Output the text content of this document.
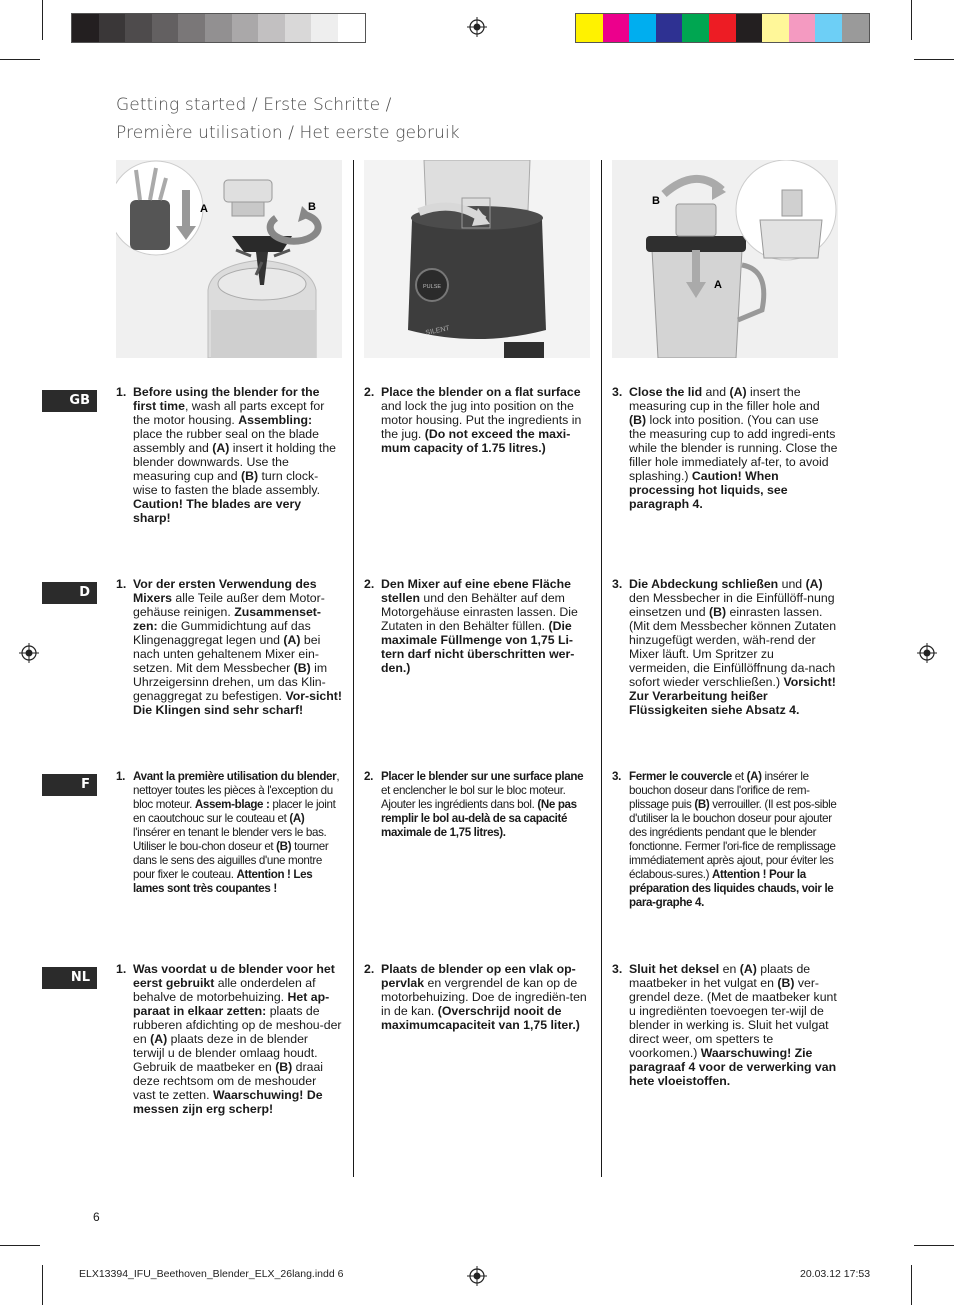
Getting started / Erste Schritte /
Première utilisation / Het eerste gebruik
A	B
PULSE
SILENT
B
A
GB
D
F
NL
1. Before using the blender for the first time, wash all parts except for the motor housing. Assembling: place the rubber seal on the blade assembly and (A) insert it holding the blender downwards. Use the measuring cup and (B) turn clock-wise to fasten the blade assembly. Caution! The blades are very sharp!
2. Place the blender on a flat surface and lock the jug into position on the motor housing. Put the ingredients in the jug. (Do not exceed the maxi-mum capacity of 1.75 litres.)
3. Close the lid and (A) insert the measuring cup in the filler hole and (B) lock into position. (You can use the measuring cup to add ingredi-ents while the blender is running. Close the filler hole immediately af-ter, to avoid splashing.) Caution! When processing hot liquids, see paragraph 4.
1. Vor der ersten Verwendung des Mixers alle Teile außer dem Motor-gehäuse reinigen. Zusammenset-zen: die Gummidichtung auf das Klingenaggregat legen und (A) bei nach unten gehaltenem Mixer ein-setzen. Mit dem Messbecher (B) im Uhrzeigersinn drehen, um das Klin-genaggregat zu befestigen. Vor-sicht! Die Klingen sind sehr scharf!
2. Den Mixer auf eine ebene Fläche stellen und den Behälter auf dem Motorgehäuse einrasten lassen. Die Zutaten in den Behälter füllen. (Die maximale Füllmenge von 1,75 Li-tern darf nicht überschritten wer-den.)
3. Die Abdeckung schließen und (A) den Messbecher in die Einfüllöff-nung einsetzen und (B) einrasten lassen. (Mit dem Messbecher können Zutaten hinzugefügt werden, wäh-rend der Mixer läuft. Um Spritzer zu vermeiden, die Einfüllöffnung da-nach sofort wieder verschließen.) Vorsicht! Zur Verarbeitung heißer Flüssigkeiten siehe Absatz 4.
1. Avant la première utilisation du blender, nettoyer toutes les pièces à l'exception du bloc moteur. Assem-blage : placer le joint en caoutchouc sur le couteau et (A) l'insérer en tenant le blender vers le bas. Utiliser le bou-chon doseur et (B) tourner dans le sens des aiguilles d'une montre pour fixer le couteau. Attention ! Les lames sont très coupantes !
2. Placer le blender sur une surface plane et enclencher le bol sur le bloc moteur. Ajouter les ingrédients dans bol. (Ne pas remplir le bol au-delà de sa capacité maximale de 1,75 litres).
3. Fermer le couvercle et (A) insérer le bouchon doseur dans l'orifice de rem-plissage puis (B) verrouiller. (Il est pos-sible d'utiliser la le bouchon doseur pour ajouter des ingrédients pendant que le blender fonctionne. Fermer l'ori-fice de remplissage immédiatement après ajout, pour éviter les éclabous-sures.) Attention ! Pour la préparation des liquides chauds, voir le para-graphe 4.
1. Was voordat u de blender voor het eerst gebruikt alle onderdelen af behalve de motorbehuizing. Het ap-paraat in elkaar zetten: plaats de rubberen afdichting op de meshou-der en (A) plaats deze in de blender terwijl u de blender omlaag houdt. Gebruik de maatbeker en (B) draai deze rechtsom om de meshouder vast te zetten. Waarschuwing! De messen zijn erg scherp!
2. Plaats de blender op een vlak op-pervlak en vergrendel de kan op de motorbehuizing. Doe de ingrediën-ten in de kan. (Overschrijd nooit de maximumcapaciteit van 1,75 liter.)
3. Sluit het deksel en (A) plaats de maatbeker in het vulgat en (B) ver-grendel deze. (Met de maatbeker kunt u ingrediënten toevoegen ter-wijl de blender in werking is. Sluit het vulgat direct weer, om spetters te voorkomen.) Waarschuwing! Zie paragraaf 4 voor de verwerking van hete vloeistoffen.
6
ELX13394_IFU_Beethoven_Blender_ELX_26lang.indd 6	20.03.12 17:53
